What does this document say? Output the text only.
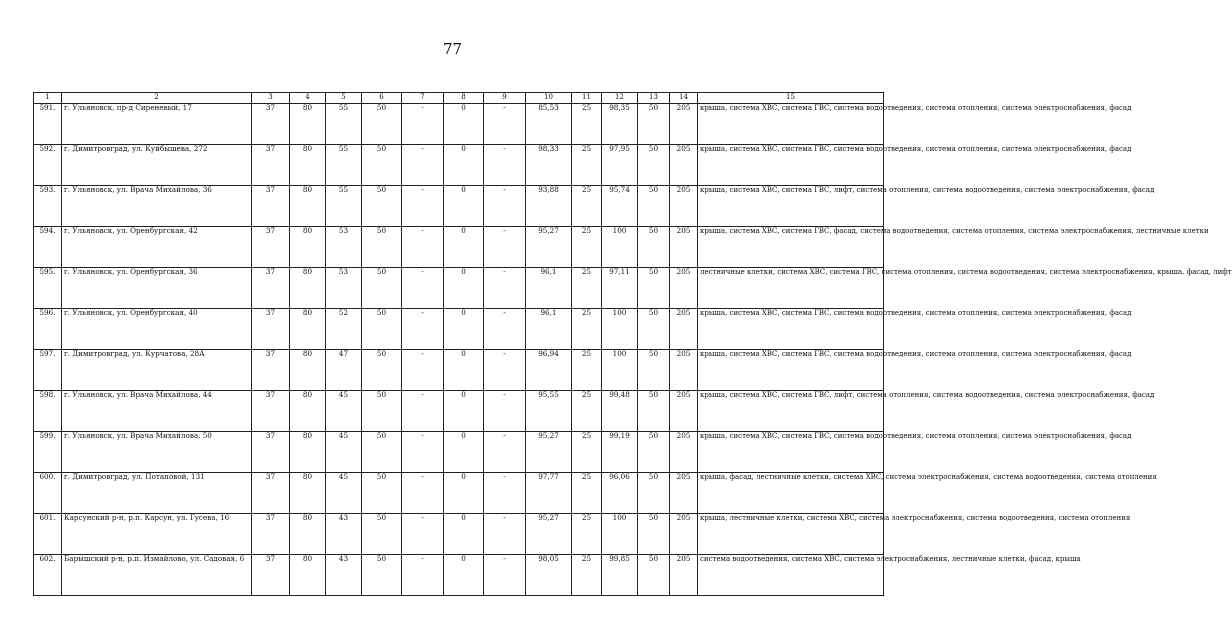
77
1	2	3	4	5	6	7	8	9	10	11	12	13	14	15
591.	г. Ульяновск, пр-д Сиреневый, 17	37	80	55	50	-	0	-	85,53	25	98,35	50	205	крыша, система ХВС, система ГВС, система водоотведения, система отопления, система электроснабжения, фасад
592.	г. Димитровград, ул. Куйбышева, 272	37	80	55	50	-	0	-	98,33	25	97,95	50	205	крыша, система ХВС, система ГВС, система водоотведения, система отопления, система электроснабжения, фасад
593.	г. Ульяновск, ул. Врача Михайлова, 36	37	80	55	50	-	0	-	93,88	25	95,74	50	205	крыша, система ХВС, система ГВС, лифт, система отопления, система водоотведения, система электроснабжения, фасад
594.	г. Ульяновск, ул. Оренбургская, 42	37	80	53	50	-	0	-	95,27	25	100	50	205	крыша, система ХВС, система ГВС, фасад, система водоотведения, система отопления, система электроснабжения, лестничные клетки
595.	г. Ульяновск, ул. Оренбургская, 36	37	80	53	50	-	0	-	96,1	25	97,11	50	205	лестничные клетки, система ХВС, система ГВС, система отопления, система водоотведения, система электроснабжения, крыша, фасад, лифт
596.	г. Ульяновск, ул. Оренбургская, 40	37	80	52	50	-	0	-	96,1	25	100	50	205	крыша, система ХВС, система ГВС, система водоотведения, система отопления, система электроснабжения, фасад
597.	г. Димитровград, ул. Курчатова, 28А	37	80	47	50	-	0	-	96,94	25	100	50	205	крыша, система ХВС, система ГВС, система водоотведения, система отопления, система электроснабжения, фасад
598.	г. Ульяновск, ул. Врача Михайлова, 44	37	80	45	50	-	0	-	95,55	25	99,48	50	205	крыша, система ХВС, система ГВС, лифт, система отопления, система водоотведения, система электроснабжения, фасад
599.	г. Ульяновск, ул. Врача Михайлова, 50	37	80	45	50	-	0	-	95,27	25	99,19	50	205	крыша, система ХВС, система ГВС, система водоотведения, система отопления, система электроснабжения, фасад
600.	г. Димитровград, ул. Потаповой, 131	37	80	45	50	-	0	-	97,77	25	96,06	50	205	крыша, фасад, лестничные клетки, система ХВС, система электроснабжения, система водоотведения, система отопления
601.	Карсунский р-н, р.п. Карсун, ул. Гусева, 16	37	80	43	50	-	0	-	95,27	25	100	50	205	крыша, лестничные клетки, система ХВС, система электроснабжения, система водоотведения, система отопления
602.	Барышский р-н, р.п. Измайлово, ул. Садовая, 6	37	80	43	50	-	0	-	98,05	25	99,85	50	205	система водоотведения, система ХВС, система электроснабжения, лестничные клетки, фасад, крыша
